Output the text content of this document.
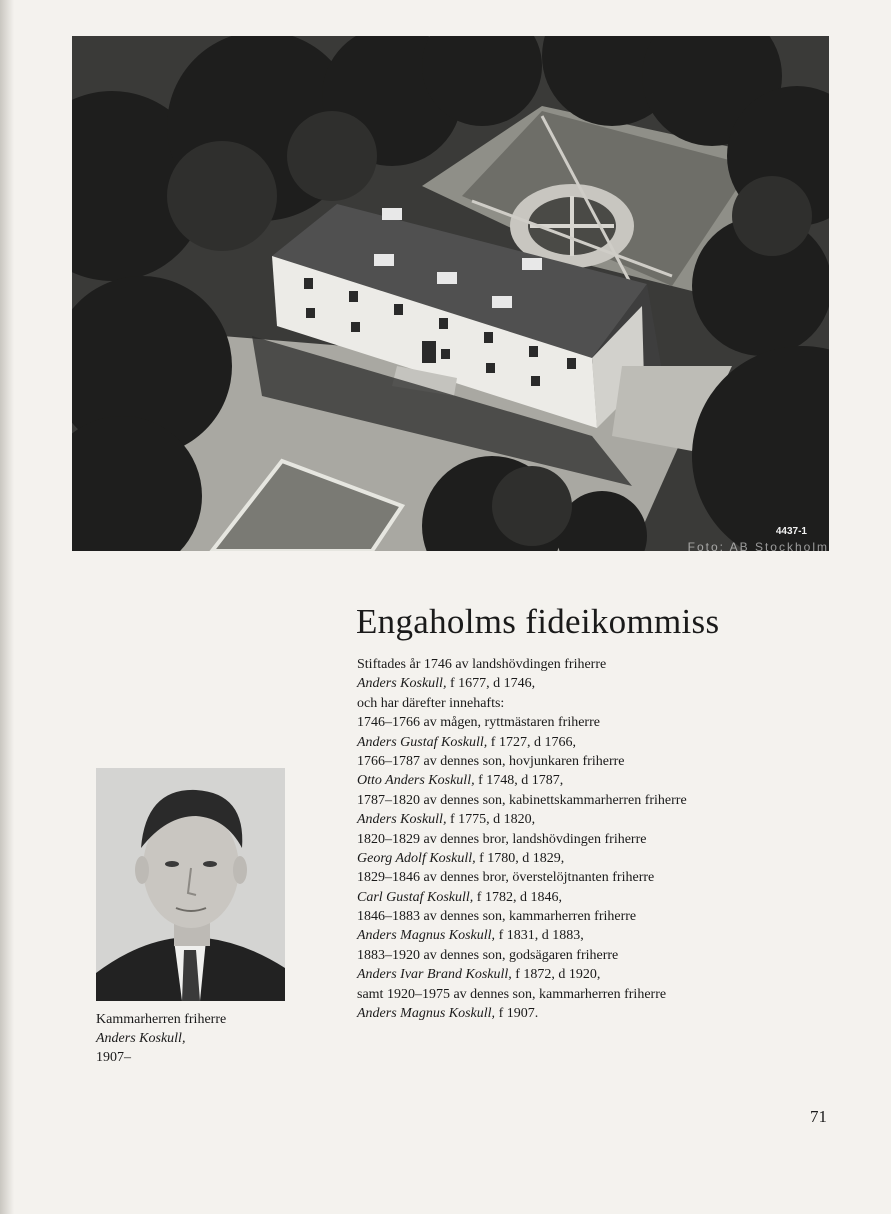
4437-1
Foto: AB Stockholm
Engaholms fideikommiss
Stiftades år 1746 av landshövdingen friherre
Anders Koskull, f 1677, d 1746,
och har därefter innehafts:
1746–1766 av mågen, ryttmästaren friherre
Anders Gustaf Koskull, f 1727, d 1766,
1766–1787 av dennes son, hovjunkaren friherre
Otto Anders Koskull, f 1748, d 1787,
1787–1820 av dennes son, kabinettskammarherren friherre
Anders Koskull, f 1775, d 1820,
1820–1829 av dennes bror, landshövdingen friherre
Georg Adolf Koskull, f 1780, d 1829,
1829–1846 av dennes bror, överstelöjtnanten friherre
Carl Gustaf Koskull, f 1782, d 1846,
1846–1883 av dennes son, kammarherren friherre
Anders Magnus Koskull, f 1831, d 1883,
1883–1920 av dennes son, godsägaren friherre
Anders Ivar Brand Koskull, f 1872, d 1920,
samt 1920–1975 av dennes son, kammarherren friherre
Anders Magnus Koskull, f 1907.
Kammarherren friherre
Anders Koskull,
1907–
71
